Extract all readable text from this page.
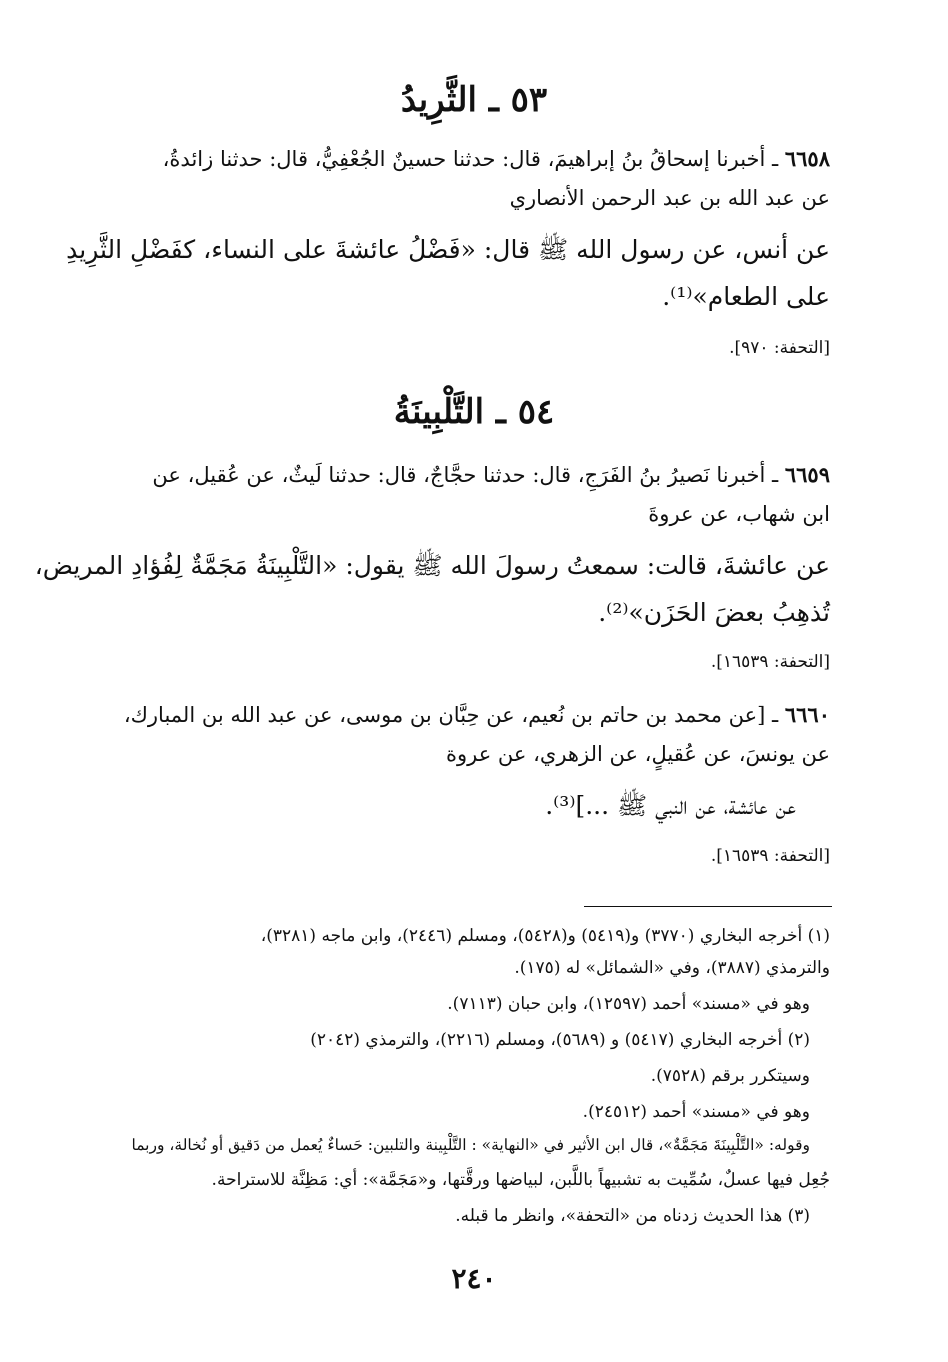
٥٣ ـ الثَّرِيدُ
٦٦٥٨ ـ أخبرنا إسحاقُ بنُ إبراهيمَ، قال: حدثنا حسينٌ الجُعْفِيُّ، قال: حدثنا زائدةُ،
عن عبد الله بن عبد الرحمن الأنصاري
عن أنس، عن رسول الله ﷺ قال: «فَضْلُ عائشةَ على النساء، كفَضْلِ الثَّرِيدِ
على الطعام»⁽¹⁾.
[التحفة: ٩٧٠].
٥٤ ـ التَّلْبِينَةُ
٦٦٥٩ ـ أخبرنا نَصيرُ بنُ الفَرَجِ، قال: حدثنا حجَّاجٌ، قال: حدثنا لَيثٌ، عن عُقيل، عن
ابن شهاب، عن عروةَ
عن عائشةَ، قالت: سمعتُ رسولَ الله ﷺ يقول: «التَّلْبِينَةُ مَجَمَّةٌ لِفُؤادِ المريض،
تُذهِبُ بعضَ الحَزَن»⁽²⁾.
[التحفة: ١٦٥٣٩].
٦٦٦٠ ـ [عن محمد بن حاتم بن نُعيم، عن حِبَّان بن موسى، عن عبد الله بن المبارك،
عن يونسَ، عن عُقيلٍ، عن الزهري، عن عروة
عن عائشة، عن النبي ﷺ ...]⁽³⁾.
[التحفة: ١٦٥٣٩].
(١) أخرجه البخاري (٣٧٧٠) و(٥٤١٩) و(٥٤٢٨)، ومسلم (٢٤٤٦)، وابن ماجه (٣٢٨١)،
والترمذي (٣٨٨٧)، وفي «الشمائل» له (١٧٥).
وهو في «مسند» أحمد (١٢٥٩٧)، وابن حبان (٧١١٣).
(٢) أخرجه البخاري (٥٤١٧) و (٥٦٨٩)، ومسلم (٢٢١٦)، والترمذي (٢٠٤٢)
وسيتكرر برقم (٧٥٢٨).
وهو في «مسند» أحمد (٢٤٥١٢).
وقوله: «التَّلْبِينَةَ مَجَمَّةٌ»، قال ابن الأثير في «النهاية» : التَّلْبِينة والتلبين: حَساءٌ يُعمل من دَقيق أو نُخالة، وربما
جُعِل فيها عسلٌ، سُمِّيت به تشبيهاً باللَّبن، لبياضها ورقَّتها، و«مَجَمَّة»: أي: مَظِنَّة للاستراحة.
(٣) هذا الحديث زدناه من «التحفة»، وانظر ما قبله.
٢٤٠
